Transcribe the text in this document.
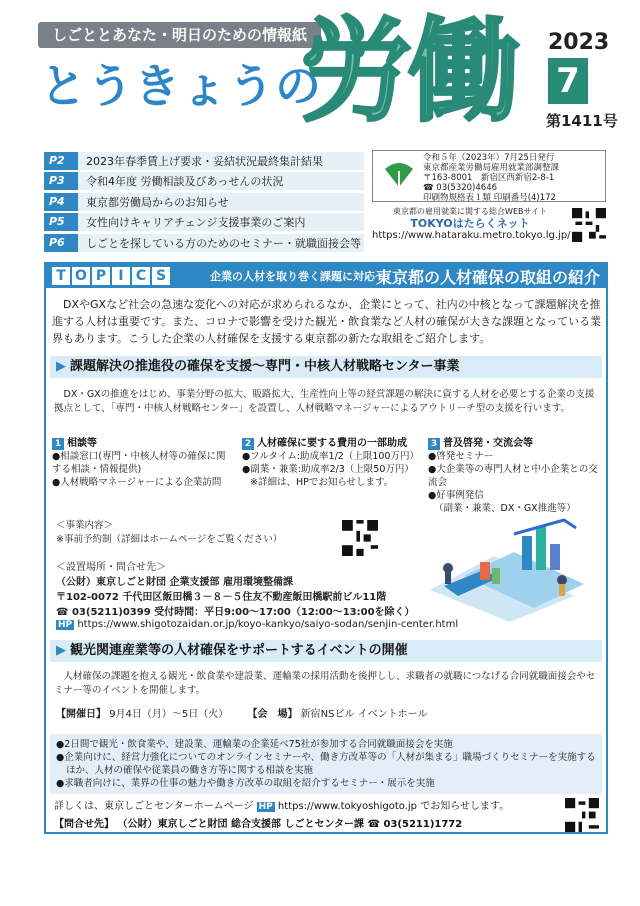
しごととあなた・明日のための情報紙
とうきょうの
労働 2023
7
第1411号
P2	2023年春季賃上げ要求・妥結状況最終集計結果
P3	令和4年度 労働相談及びあっせんの状況
P4	東京都労働局からのお知らせ
P5	女性向けキャリアチェンジ支援事業のご案内
P6	しごとを探している方のためのセミナー・就職面接会等
令和５年（2023年）7月25日発行
東京都産業労働局雇用就業部調整課
〒163-8001　新宿区西新宿2-8-1
☎ 03(5320)4646
印刷物規格表１類 印刷番号(4)172
東京都の雇用就業に関する総合WEBサイト
TOKYOはたらくネット
https://www.hataraku.metro.tokyo.lg.jp/
T O P I C S	企業の人材を取り巻く課題に対応～
東京都の人材確保の取組の紹介
DXやGXなど社会の急速な変化への対応が求められるなか、企業にとって、社内の中核となって課題解決を推進する人材は重要です。また、コロナで影響を受けた観光・飲食業など人材の確保が大きな課題となっている業界もあります。こうした企業の人材確保を支援する東京都の新たな取組をご紹介します。
▶ 課題解決の推進役の確保を支援～専門・中核人材戦略センター事業
DX・GXの推進をはじめ、事業分野の拡大、販路拡大、生産性向上等の経営課題の解決に資する人材を必要とする企業の支援拠点として、「専門・中核人材戦略センター」を設置し、人材戦略マネージャーによるアウトリーチ型の支援を行います。
1 相談等
●相談窓口(専門・中核人材等の確保に関する相談・情報提供)
●人材戦略マネージャーによる企業訪問
2 人材確保に要する費用の一部助成
●フルタイム:助成率1/2（上限100万円）
●副業・兼業:助成率2/3（上限50万円）
※詳細は、HPでお知らせします。
3 普及啓発・交流会等
●啓発セミナー
●大企業等の専門人材と中小企業との交流会
●好事例発信
（副業・兼業、DX・GX推進等）
＜事業内容＞
※事前予約制（詳細はホームページをご覧ください）
＜設置場所・問合せ先＞
（公財）東京しごと財団 企業支援部 雇用環境整備課
〒102-0072 千代田区飯田橋３－８－５住友不動産飯田橋駅前ビル11階
☎ 03(5211)0399 受付時間：平日9:00～17:00（12:00～13:00を除く）
HP https://www.shigotozaidan.or.jp/koyo-kankyo/saiyo-sodan/senjin-center.html
▶ 観光関連産業等の人材確保をサポートするイベントの開催
人材確保の課題を抱える観光・飲食業や建設業、運輸業の採用活動を後押しし、求職者の就職につなげる合同就職面接会やセミナー等のイベントを開催します。
【開催日】 9月4日（月）～5日（火） 【会　場】 新宿NSビル イベントホール
●2日間で観光・飲食業や、建設業、運輸業の企業延べ75社が参加する合同就職面接会を実施
●企業向けに、経営力強化についてのオンラインセミナーや、働き方改革等の「人材が集まる」職場づくりセミナーを実施するほか、人材の確保や従業員の働き方等に関する相談を実施
●求職者向けに、業界の仕事の魅力や働き方改革の取組を紹介するセミナー・展示を実施
詳しくは、東京しごとセンターホームページ HP https://www.tokyoshigoto.jp でお知らせします。
【問合せ先】 （公財）東京しごと財団 総合支援部 しごとセンター課 ☎ 03(5211)1772
